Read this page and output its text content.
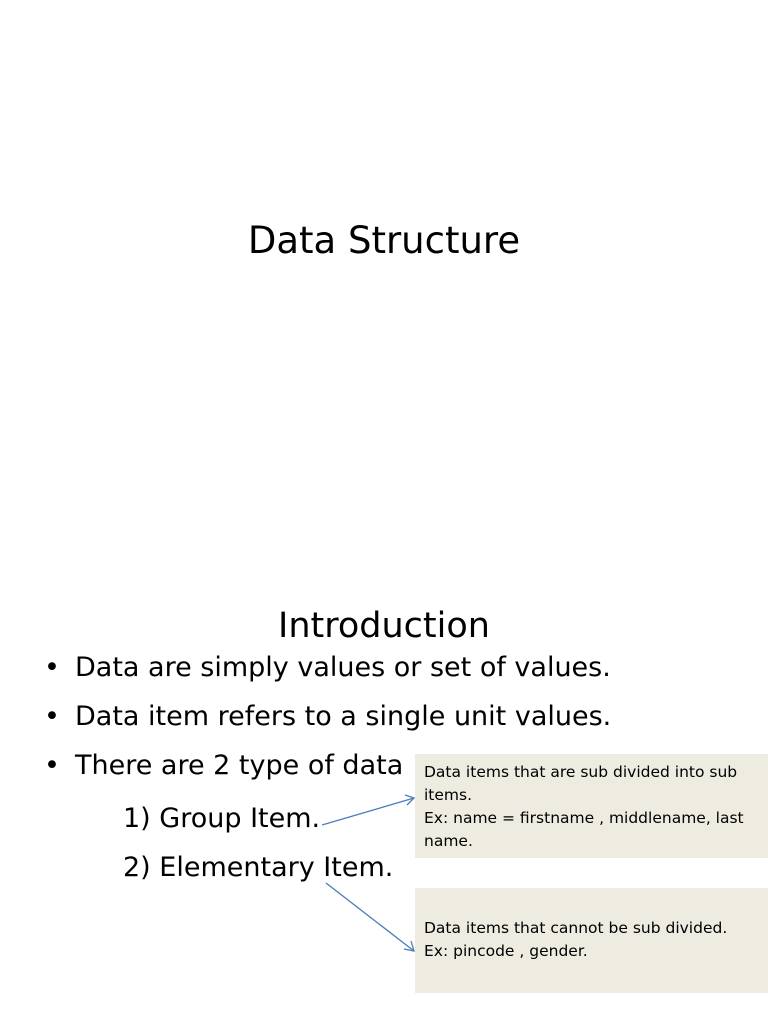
Data Structure
Introduction
• Data are simply values or set of values.
• Data item refers to a single unit values.
• There are 2 type of data
1) Group Item.
2) Elementary Item.
Data items that are sub divided into sub
items.
Ex: name = firstname , middlename, last
name.
Data items that cannot be sub divided.
Ex: pincode , gender.
